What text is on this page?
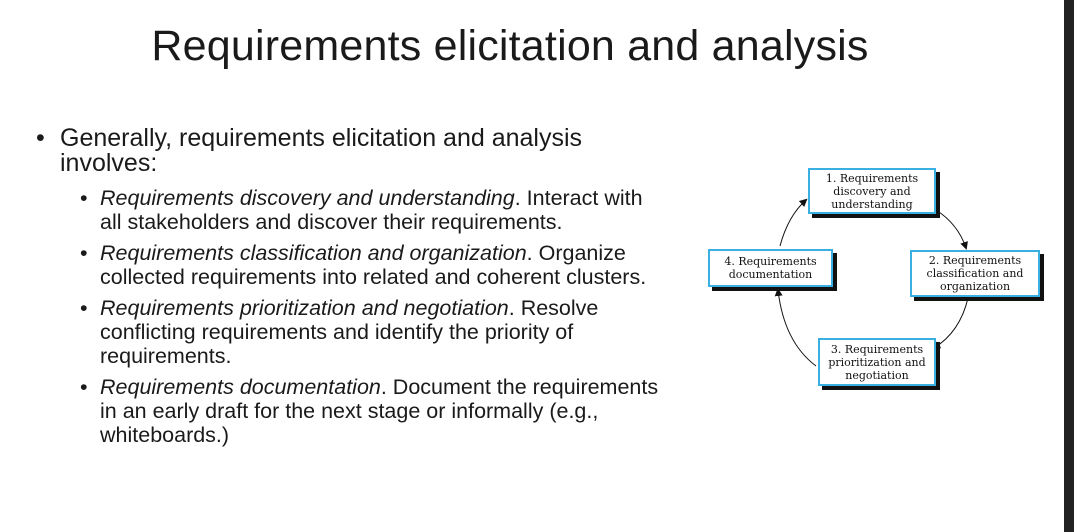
Requirements elicitation and analysis
• Generally, requirements elicitation and analysis involves:
• Requirements discovery and understanding. Interact with all stakeholders and discover their requirements.
• Requirements classification and organization. Organize collected requirements into related and coherent clusters.
• Requirements prioritization and negotiation. Resolve conflicting requirements and identify the priority of requirements.
• Requirements documentation. Document the requirements in an early draft for the next stage or informally (e.g., whiteboards.)
1. Requirements
discovery and
understanding
2. Requirements
classification and
organization
3. Requirements
prioritization and
negotiation
4. Requirements
documentation
